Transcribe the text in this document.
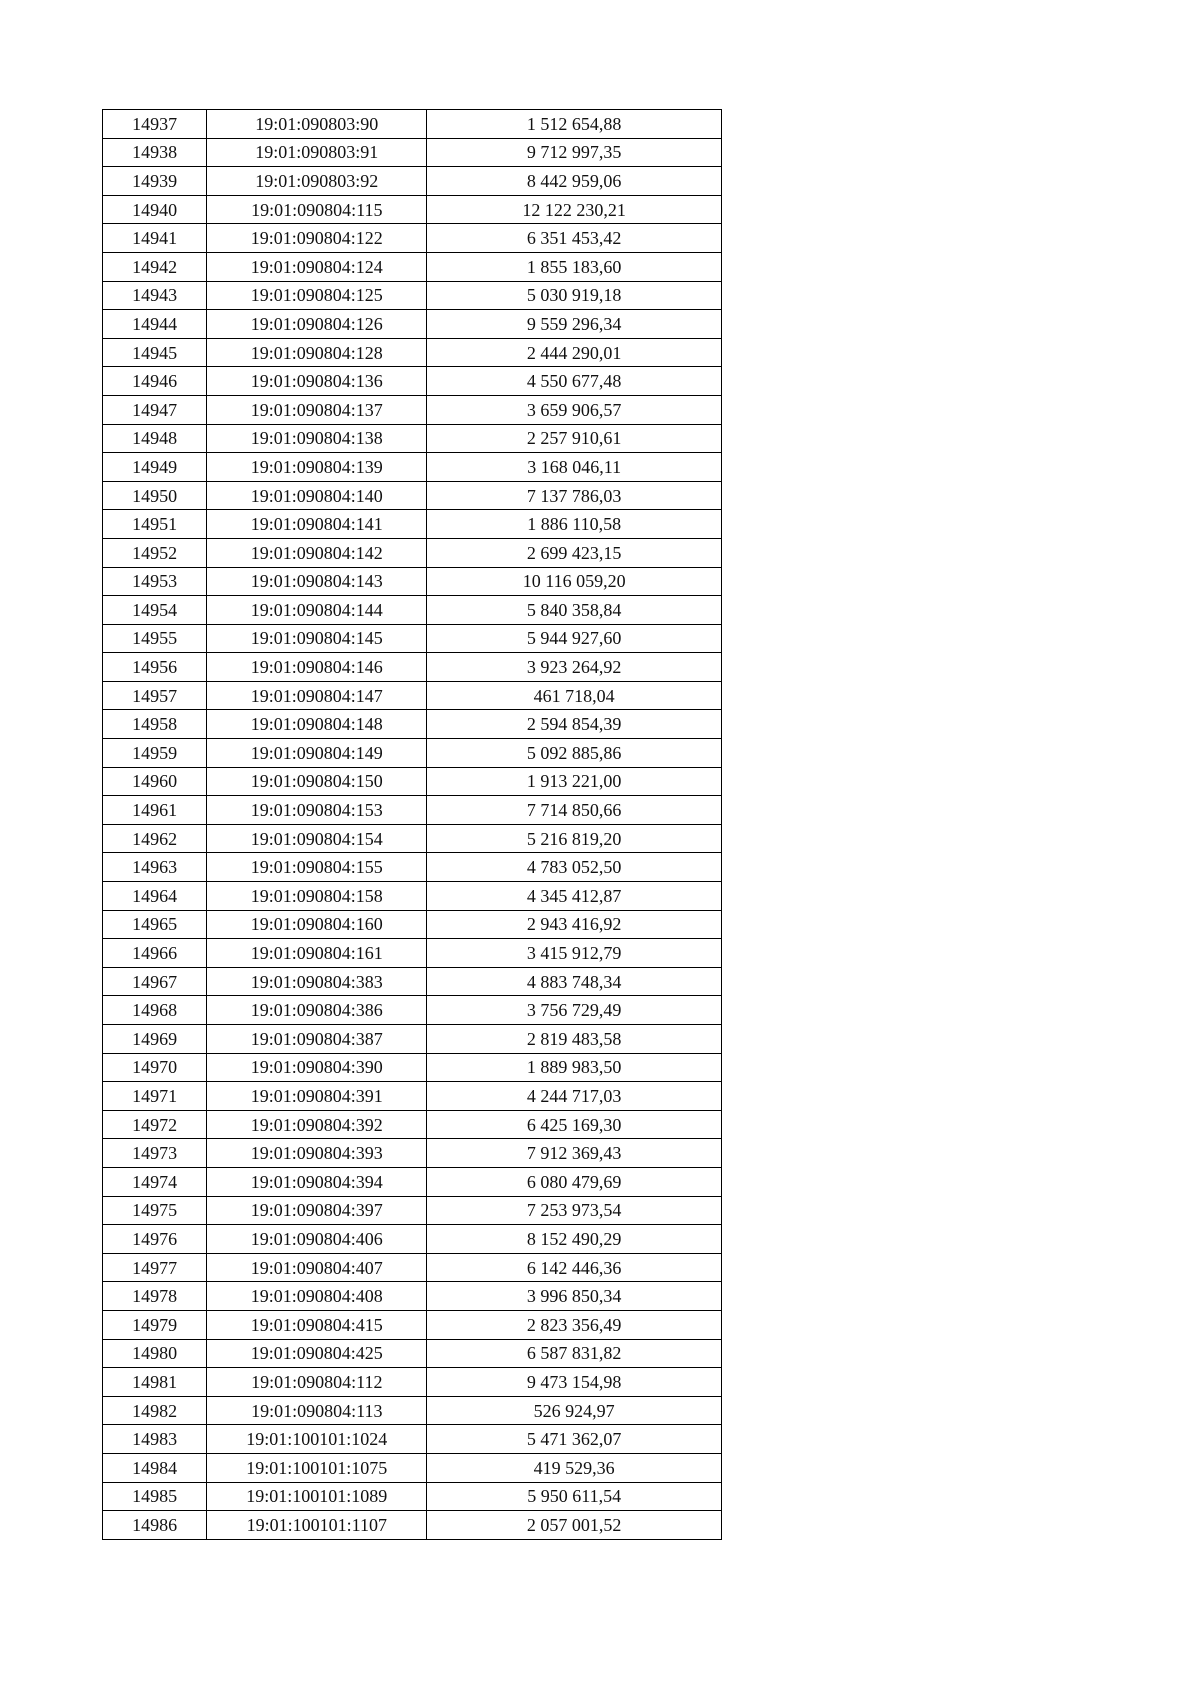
14937	19:01:090803:90	1 512 654,88
14938	19:01:090803:91	9 712 997,35
14939	19:01:090803:92	8 442 959,06
14940	19:01:090804:115	12 122 230,21
14941	19:01:090804:122	6 351 453,42
14942	19:01:090804:124	1 855 183,60
14943	19:01:090804:125	5 030 919,18
14944	19:01:090804:126	9 559 296,34
14945	19:01:090804:128	2 444 290,01
14946	19:01:090804:136	4 550 677,48
14947	19:01:090804:137	3 659 906,57
14948	19:01:090804:138	2 257 910,61
14949	19:01:090804:139	3 168 046,11
14950	19:01:090804:140	7 137 786,03
14951	19:01:090804:141	1 886 110,58
14952	19:01:090804:142	2 699 423,15
14953	19:01:090804:143	10 116 059,20
14954	19:01:090804:144	5 840 358,84
14955	19:01:090804:145	5 944 927,60
14956	19:01:090804:146	3 923 264,92
14957	19:01:090804:147	461 718,04
14958	19:01:090804:148	2 594 854,39
14959	19:01:090804:149	5 092 885,86
14960	19:01:090804:150	1 913 221,00
14961	19:01:090804:153	7 714 850,66
14962	19:01:090804:154	5 216 819,20
14963	19:01:090804:155	4 783 052,50
14964	19:01:090804:158	4 345 412,87
14965	19:01:090804:160	2 943 416,92
14966	19:01:090804:161	3 415 912,79
14967	19:01:090804:383	4 883 748,34
14968	19:01:090804:386	3 756 729,49
14969	19:01:090804:387	2 819 483,58
14970	19:01:090804:390	1 889 983,50
14971	19:01:090804:391	4 244 717,03
14972	19:01:090804:392	6 425 169,30
14973	19:01:090804:393	7 912 369,43
14974	19:01:090804:394	6 080 479,69
14975	19:01:090804:397	7 253 973,54
14976	19:01:090804:406	8 152 490,29
14977	19:01:090804:407	6 142 446,36
14978	19:01:090804:408	3 996 850,34
14979	19:01:090804:415	2 823 356,49
14980	19:01:090804:425	6 587 831,82
14981	19:01:090804:112	9 473 154,98
14982	19:01:090804:113	526 924,97
14983	19:01:100101:1024	5 471 362,07
14984	19:01:100101:1075	419 529,36
14985	19:01:100101:1089	5 950 611,54
14986	19:01:100101:1107	2 057 001,52
